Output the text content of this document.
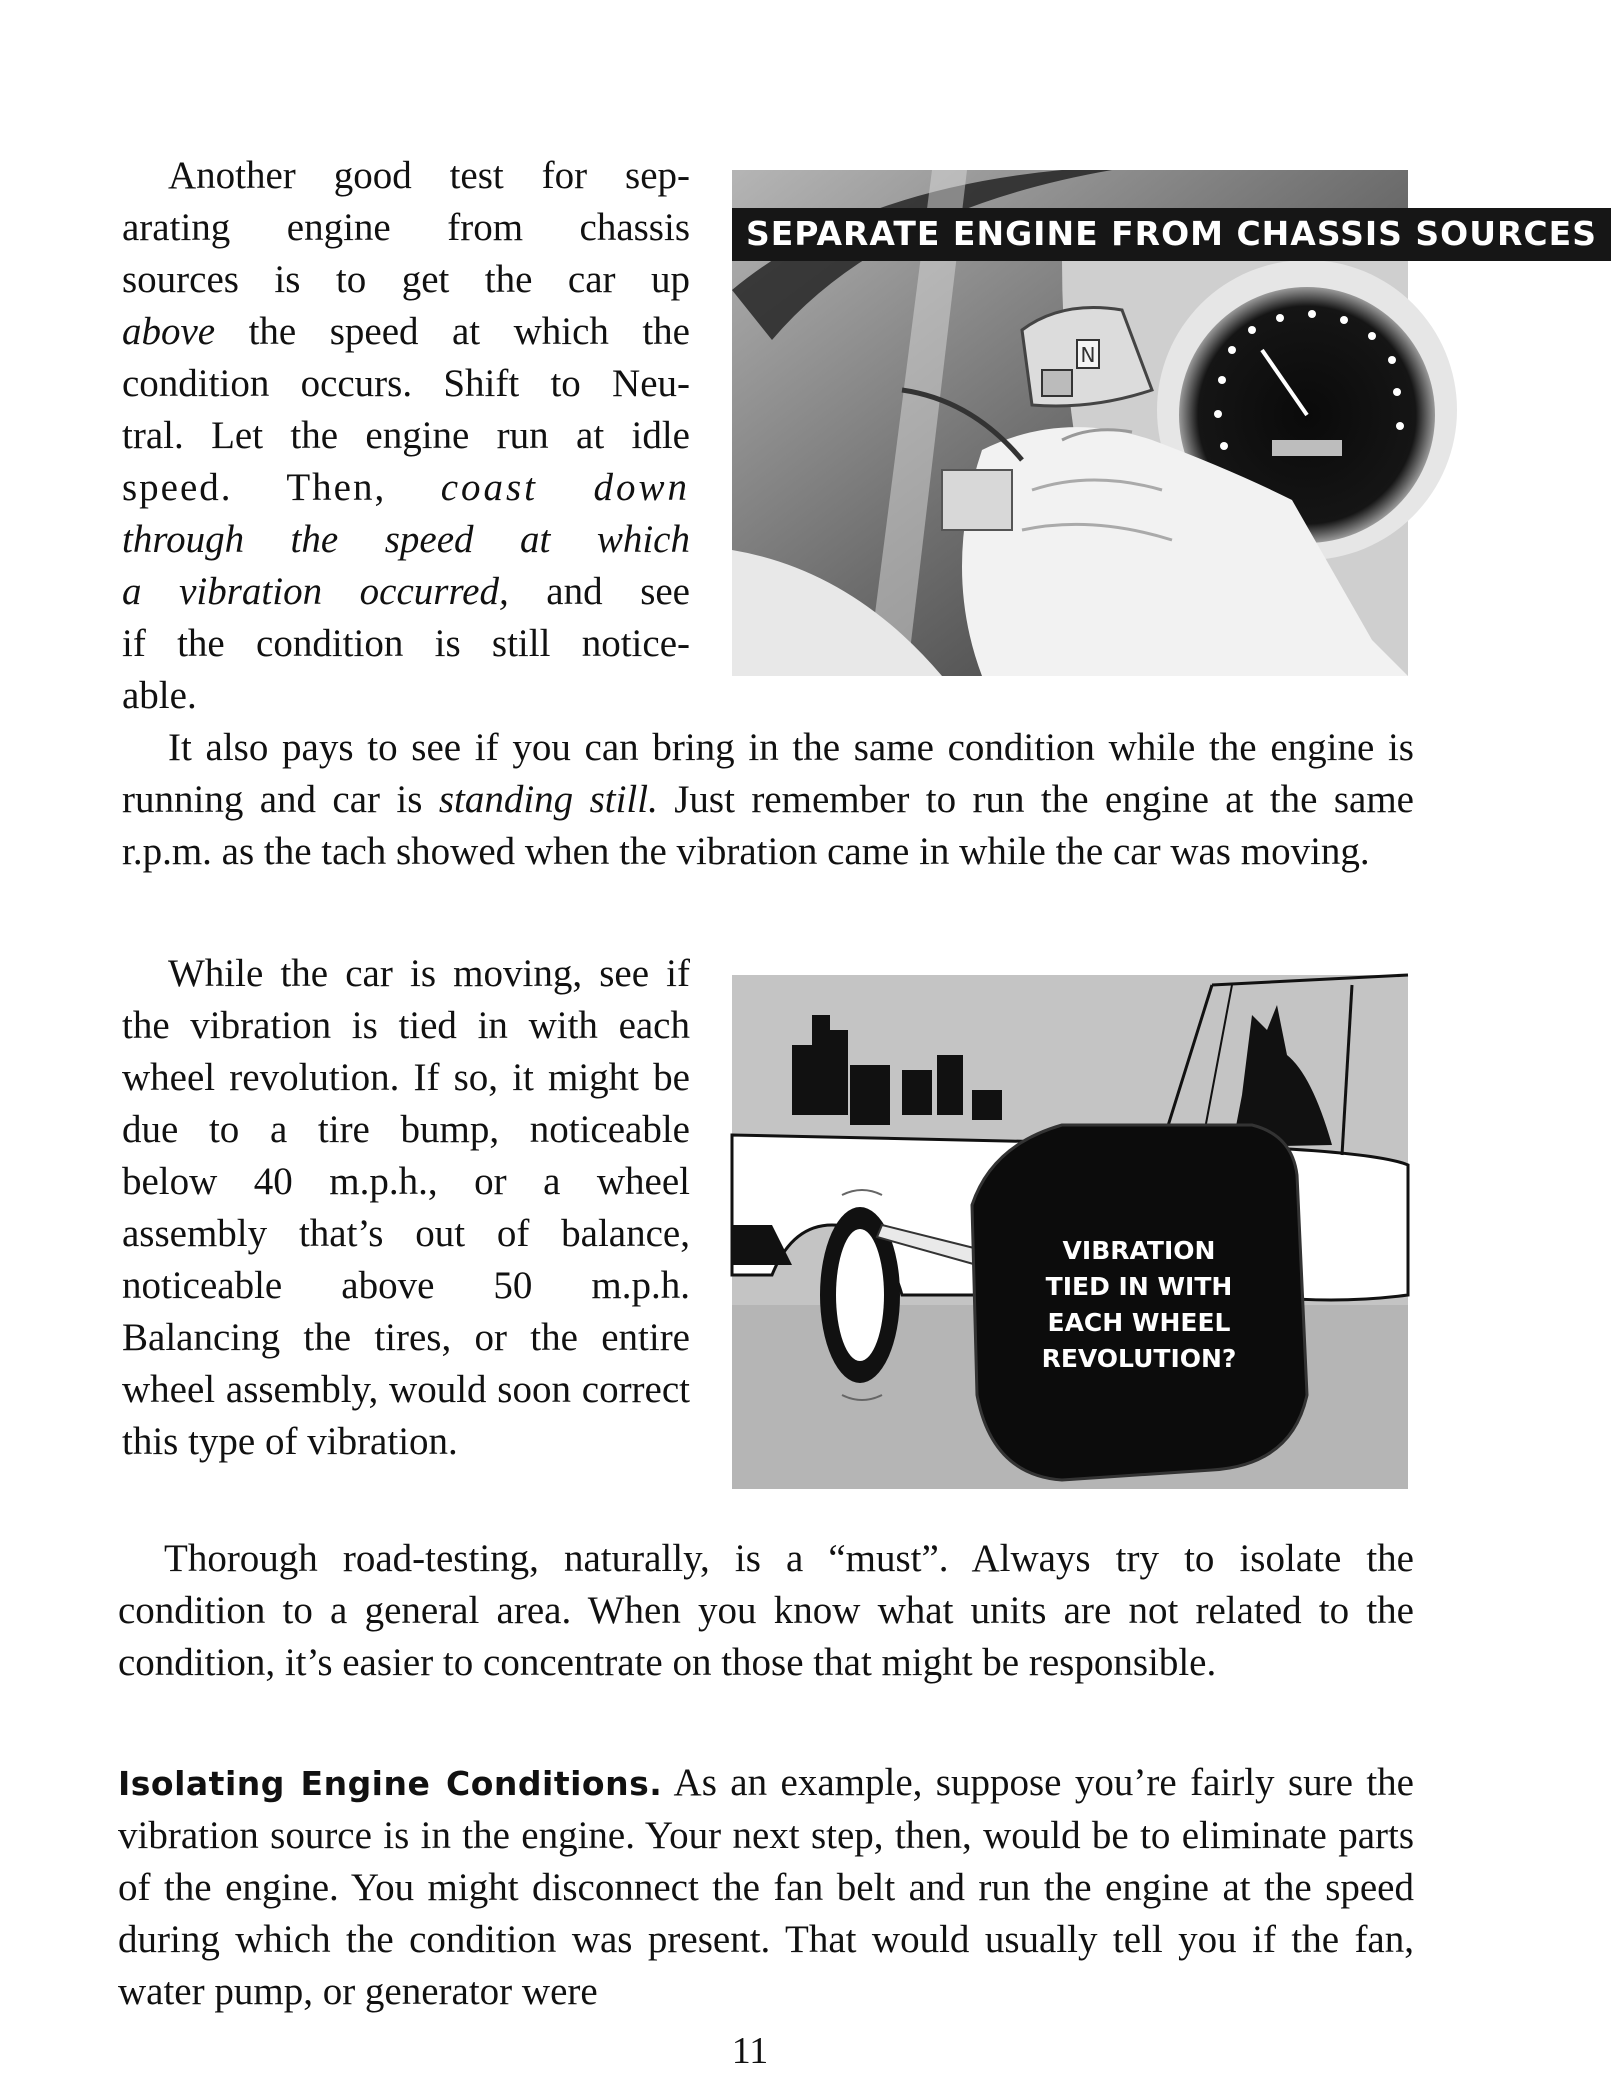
Another good test for sep-
arating engine from chassis
sources is to get the car up
above the speed at which the
condition occurs. Shift to Neu-
tral. Let the engine run at idle
speed. Then, coast down
through the speed at which
a vibration occurred, and see
if the condition is still notice-
able.
N
SEPARATE ENGINE FROM CHASSIS SOURCES

It also pays to see if you can bring in the same condition while the engine is running and car is standing still. Just remember to run the engine at the same r.p.m. as the tach showed when the vibration came in while the car was moving.

While the car is moving, see if the vibration is tied in with each wheel revolution. If so, it might be due to a tire bump, noticeable below 40 m.p.h., or a wheel assembly that’s out of balance, noticeable above 50 m.p.h. Balancing the tires, or the entire wheel assembly, would soon correct this type of vibration.

VIBRATION
TIED IN WITH
EACH WHEEL
REVOLUTION?

Thorough road-testing, naturally, is a “must”. Always try to isolate the condition to a general area. When you know what units are not related to the condition, it’s easier to concentrate on those that might be responsible.

Isolating Engine Conditions. As an example, suppose you’re fairly sure the vibration source is in the engine. Your next step, then, would be to eliminate parts of the engine. You might disconnect the fan belt and run the engine at the speed during which the condition was present. That would usually tell you if the fan, water pump, or generator were

11
